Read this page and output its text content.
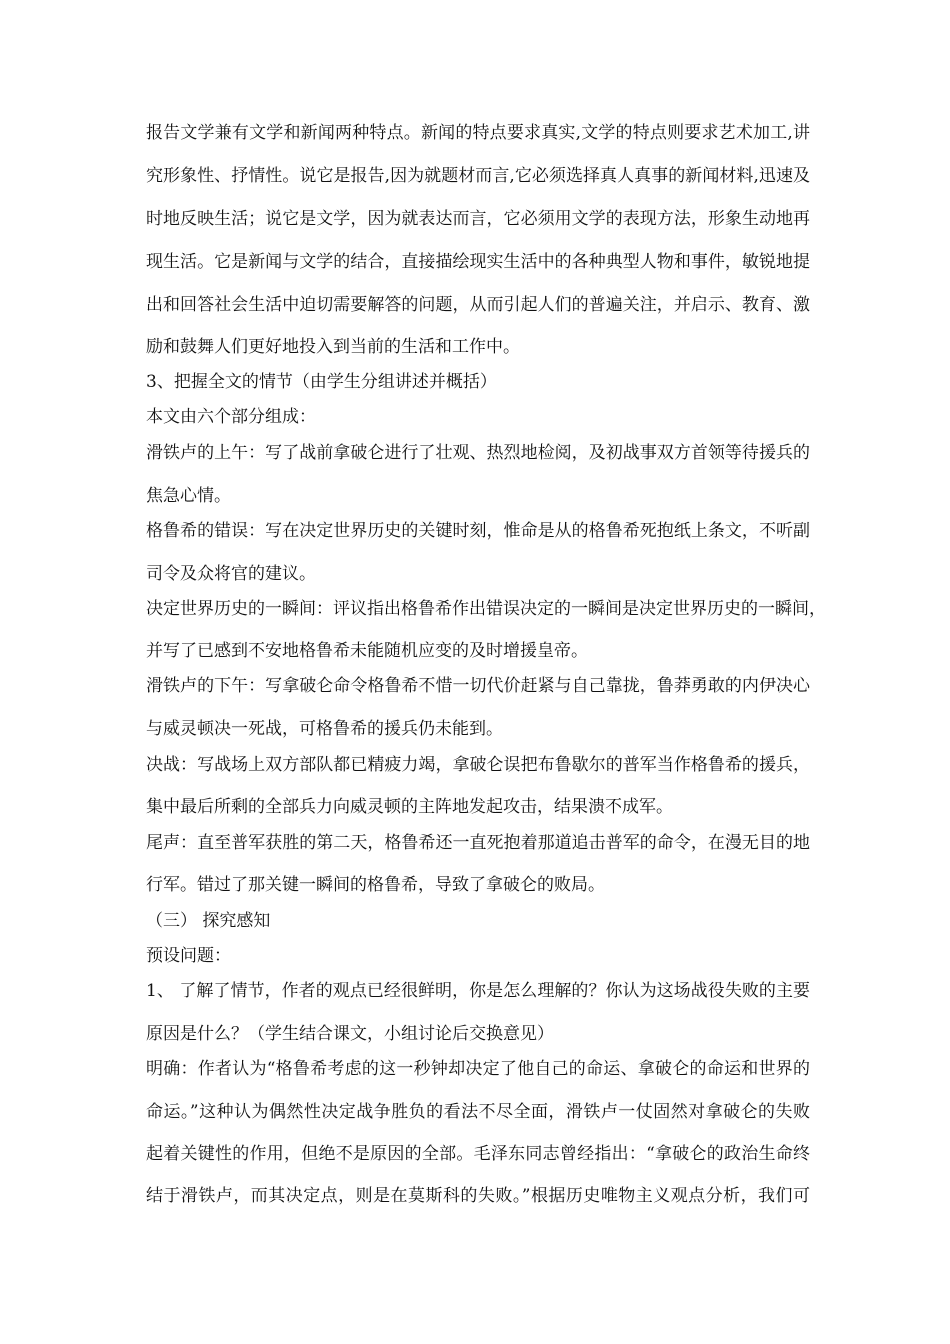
报告文学兼有文学和新闻两种特点。新闻的特点要求真实,文学的特点则要求艺术加工,讲
究形象性、抒情性。说它是报告,因为就题材而言,它必须选择真人真事的新闻材料,迅速及
时地反映生活；说它是文学，因为就表达而言，它必须用文学的表现方法，形象生动地再
现生活。它是新闻与文学的结合，直接描绘现实生活中的各种典型人物和事件，敏锐地提
出和回答社会生活中迫切需要解答的问题，从而引起人们的普遍关注，并启示、教育、激
励和鼓舞人们更好地投入到当前的生活和工作中。
3、把握全文的情节（由学生分组讲述并概括）
本文由六个部分组成：
滑铁卢的上午：写了战前拿破仑进行了壮观、热烈地检阅，及初战事双方首领等待援兵的
焦急心情。
格鲁希的错误：写在决定世界历史的关键时刻，惟命是从的格鲁希死抱纸上条文，不听副
司令及众将官的建议。
决定世界历史的一瞬间：评议指出格鲁希作出错误决定的一瞬间是决定世界历史的一瞬间，
并写了已感到不安地格鲁希未能随机应变的及时增援皇帝。
滑铁卢的下午：写拿破仑命令格鲁希不惜一切代价赶紧与自己靠拢，鲁莽勇敢的内伊决心
与威灵顿决一死战，可格鲁希的援兵仍未能到。
决战：写战场上双方部队都已精疲力竭，拿破仑误把布鲁歇尔的普军当作格鲁希的援兵，
集中最后所剩的全部兵力向威灵顿的主阵地发起攻击，结果溃不成军。
尾声：直至普军获胜的第二天，格鲁希还一直死抱着那道追击普军的命令，在漫无目的地
行军。错过了那关键一瞬间的格鲁希，导致了拿破仑的败局。
（三） 探究感知
预设问题：
1、 了解了情节，作者的观点已经很鲜明，你是怎么理解的？你认为这场战役失败的主要
原因是什么？（学生结合课文，小组讨论后交换意见）
明确：作者认为“格鲁希考虑的这一秒钟却决定了他自己的命运、拿破仑的命运和世界的
命运。”这种认为偶然性决定战争胜负的看法不尽全面，滑铁卢一仗固然对拿破仑的失败
起着关键性的作用，但绝不是原因的全部。毛泽东同志曾经指出：“拿破仑的政治生命终
结于滑铁卢，而其决定点，则是在莫斯科的失败。”根据历史唯物主义观点分析，我们可
